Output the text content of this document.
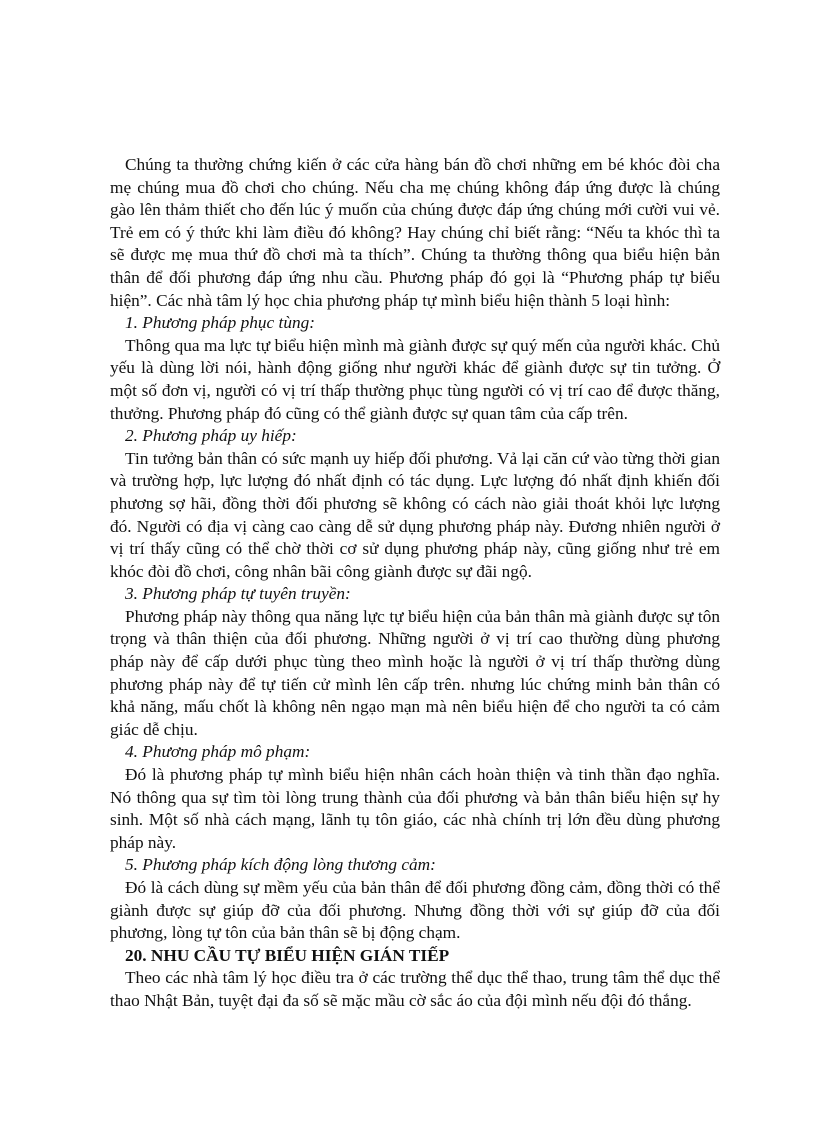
Chúng ta thường chứng kiến ở các cửa hàng bán đồ chơi những em bé khóc đòi cha mẹ chúng mua đồ chơi cho chúng. Nếu cha mẹ chúng không đáp ứng được là chúng gào lên thảm thiết cho đến lúc ý muốn của chúng được đáp ứng chúng mới cười vui vẻ. Trẻ em có ý thức khi làm điều đó không? Hay chúng chỉ biết rằng: “Nếu ta khóc thì ta sẽ được mẹ mua thứ đồ chơi mà ta thích”. Chúng ta thường thông qua biểu hiện bản thân để đối phương đáp ứng nhu cầu. Phương pháp đó gọi là “Phương pháp tự biểu hiện”. Các nhà tâm lý học chia phương pháp tự mình biểu hiện thành 5 loại hình:

1. Phương pháp phục tùng:

Thông qua ma lực tự biểu hiện mình mà giành được sự quý mến của người khác. Chủ yếu là dùng lời nói, hành động giống như người khác để giành được sự tin tưởng. Ở một số đơn vị, người có vị trí thấp thường phục tùng người có vị trí cao để được thăng, thưởng. Phương pháp đó cũng có thể giành được sự quan tâm của cấp trên.

2. Phương pháp uy hiếp:

Tin tưởng bản thân có sức mạnh uy hiếp đối phương. Vả lại căn cứ vào từng thời gian và trường hợp, lực lượng đó nhất định có tác dụng. Lực lượng đó nhất định khiến đối phương sợ hãi, đồng thời đối phương sẽ không có cách nào giải thoát khỏi lực lượng đó. Người có địa vị càng cao càng dễ sử dụng phương pháp này. Đương nhiên người ở vị trí thấy cũng có thể chờ thời cơ sử dụng phương pháp này, cũng giống như trẻ em khóc đòi đồ chơi, công nhân bãi công giành được sự đãi ngộ.

3. Phương pháp tự tuyên truyền:

Phương pháp này thông qua năng lực tự biểu hiện của bản thân mà giành được sự tôn trọng và thân thiện của đối phương. Những người ở vị trí cao thường dùng phương pháp này để cấp dưới phục tùng theo mình hoặc là người ở vị trí thấp thường dùng phương pháp này để tự tiến cử mình lên cấp trên. nhưng lúc chứng minh bản thân có khả năng, mấu chốt là không nên ngạo mạn mà nên biểu hiện để cho người ta có cảm giác dễ chịu.

4. Phương pháp mô phạm:

Đó là phương pháp tự mình biểu hiện nhân cách hoàn thiện và tinh thần đạo nghĩa. Nó thông qua sự tìm tòi lòng trung thành của đối phương và bản thân biểu hiện sự hy sinh. Một số nhà cách mạng, lãnh tụ tôn giáo, các nhà chính trị lớn đều dùng phương pháp này.

5. Phương pháp kích động lòng thương cảm:

Đó là cách dùng sự mềm yếu của bản thân để đối phương đồng cảm, đồng thời có thể giành được sự giúp đỡ của đối phương. Nhưng đồng thời với sự giúp đỡ của đối phương, lòng tự tôn của bản thân sẽ bị động chạm.

20. NHU CẦU TỰ BIỂU HIỆN GIÁN TIẾP

Theo các nhà tâm lý học điều tra ở các trường thể dục thể thao, trung tâm thể dục thể thao Nhật Bản, tuyệt đại đa số sẽ mặc mầu cờ sắc áo của đội mình nếu đội đó thắng.
